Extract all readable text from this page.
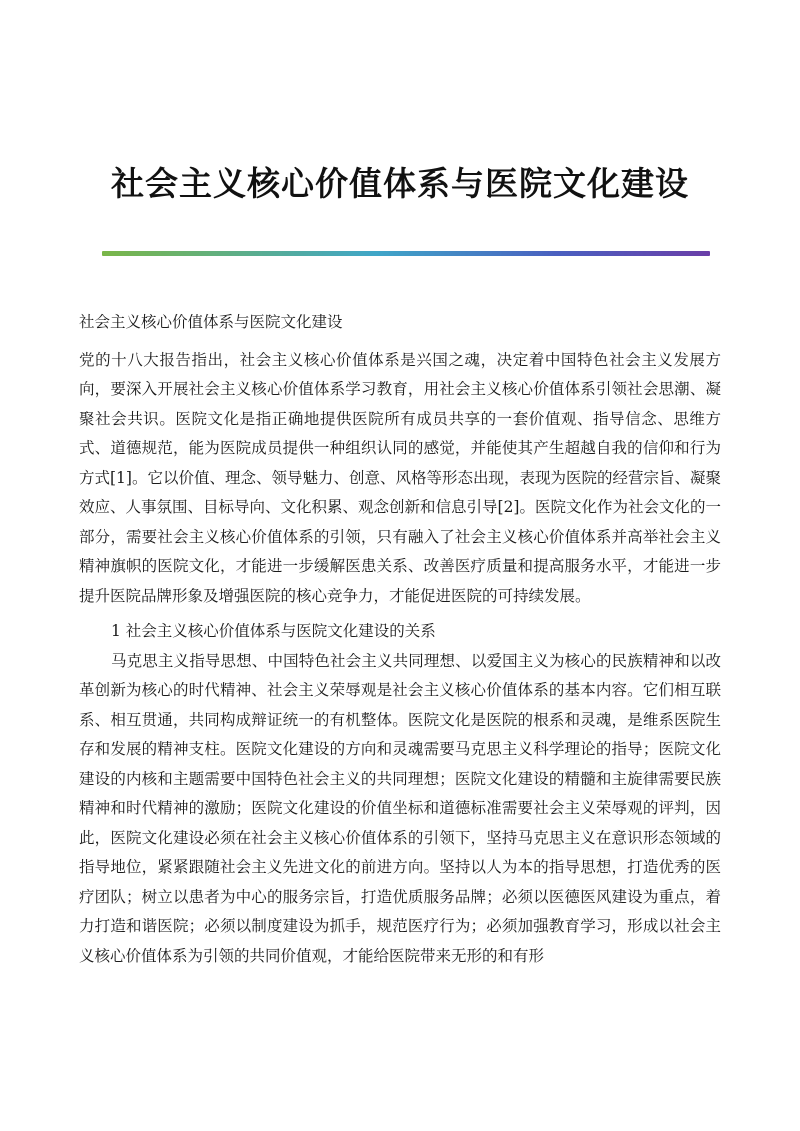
社会主义核心价值体系与医院文化建设

社会主义核心价值体系与医院文化建设

党的十八大报告指出，社会主义核心价值体系是兴国之魂，决定着中国特色社会主义发展方向，要深入开展社会主义核心价值体系学习教育，用社会主义核心价值体系引领社会思潮、凝聚社会共识。医院文化是指正确地提供医院所有成员共享的一套价值观、指导信念、思维方式、道德规范，能为医院成员提供一种组织认同的感觉，并能使其产生超越自我的信仰和行为方式[1]。它以价值、理念、领导魅力、创意、风格等形态出现，表现为医院的经营宗旨、凝聚效应、人事氛围、目标导向、文化积累、观念创新和信息引导[2]。医院文化作为社会文化的一部分，需要社会主义核心价值体系的引领，只有融入了社会主义核心价值体系并高举社会主义精神旗帜的医院文化，才能进一步缓解医患关系、改善医疗质量和提高服务水平，才能进一步提升医院品牌形象及增强医院的核心竞争力，才能促进医院的可持续发展。

1 社会主义核心价值体系与医院文化建设的关系

马克思主义指导思想、中国特色社会主义共同理想、以爱国主义为核心的民族精神和以改革创新为核心的时代精神、社会主义荣辱观是社会主义核心价值体系的基本内容。它们相互联系、相互贯通，共同构成辩证统一的有机整体。医院文化是医院的根系和灵魂，是维系医院生存和发展的精神支柱。医院文化建设的方向和灵魂需要马克思主义科学理论的指导；医院文化建设的内核和主题需要中国特色社会主义的共同理想；医院文化建设的精髓和主旋律需要民族精神和时代精神的激励；医院文化建设的价值坐标和道德标准需要社会主义荣辱观的评判，因此，医院文化建设必须在社会主义核心价值体系的引领下，坚持马克思主义在意识形态领域的指导地位，紧紧跟随社会主义先进文化的前进方向。坚持以人为本的指导思想，打造优秀的医疗团队；树立以患者为中心的服务宗旨，打造优质服务品牌；必须以医德医风建设为重点，着力打造和谐医院；必须以制度建设为抓手，规范医疗行为；必须加强教育学习，形成以社会主义核心价值体系为引领的共同价值观，才能给医院带来无形的和有形
